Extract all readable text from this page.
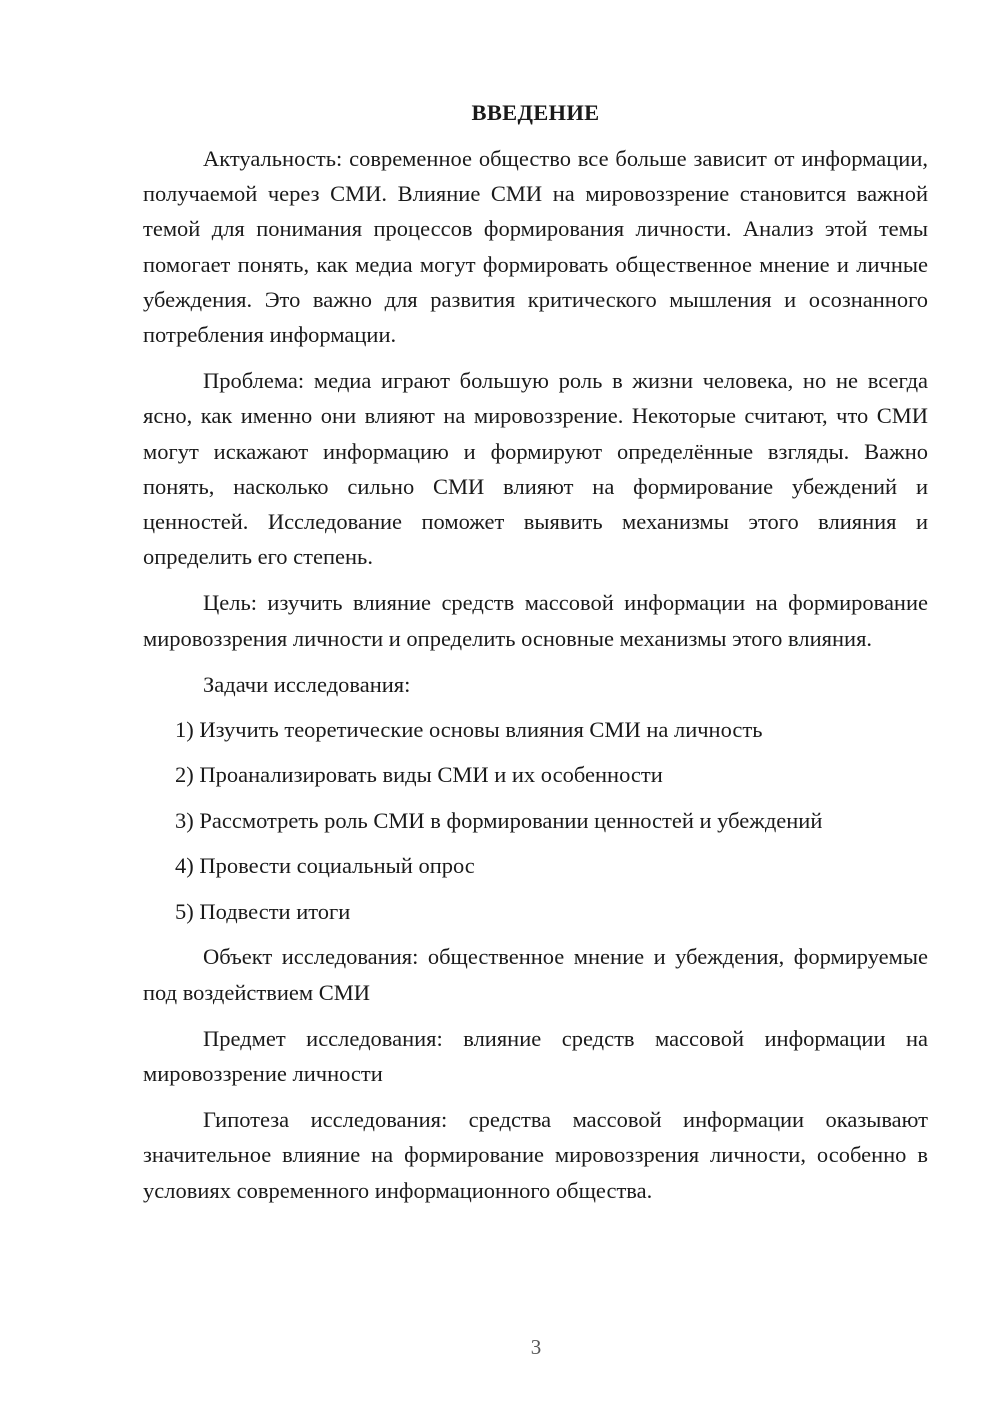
ВВЕДЕНИЕ

Актуальность: современное общество все больше зависит от информации, получаемой через СМИ. Влияние СМИ на мировоззрение становится важной темой для понимания процессов формирования личности. Анализ этой темы помогает понять, как медиа могут формировать общественное мнение и личные убеждения. Это важно для развития критического мышления и осознанного потребления информации.

Проблема: медиа играют большую роль в жизни человека, но не всегда ясно, как именно они влияют на мировоззрение. Некоторые считают, что СМИ могут искажают информацию и формируют определённые взгляды. Важно понять, насколько сильно СМИ влияют на формирование убеждений и ценностей. Исследование поможет выявить механизмы этого влияния и определить его степень.

Цель: изучить влияние средств массовой информации на формирование мировоззрения личности и определить основные механизмы этого влияния.

Задачи исследования:

1) Изучить теоретические основы влияния СМИ на личность
2) Проанализировать виды СМИ и их особенности
3) Рассмотреть роль СМИ в формировании ценностей и убеждений
4) Провести социальный опрос
5) Подвести итоги

Объект исследования: общественное мнение и убеждения, формируемые под воздействием СМИ

Предмет исследования: влияние средств массовой информации на мировоззрение личности

Гипотеза исследования: средства массовой информации оказывают значительное влияние на формирование мировоззрения личности, особенно в условиях современного информационного общества.

3
